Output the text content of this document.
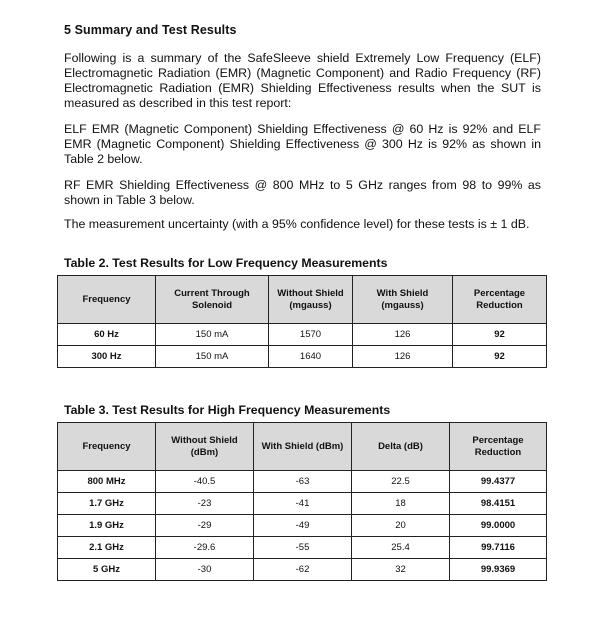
5 Summary and Test Results

Following is a summary of the SafeSleeve shield Extremely Low Frequency (ELF) Electromagnetic Radiation (EMR) (Magnetic Component) and Radio Frequency (RF) Electromagnetic Radiation (EMR) Shielding Effectiveness results when the SUT is measured as described in this test report:

ELF EMR (Magnetic Component) Shielding Effectiveness @ 60 Hz is 92% and ELF EMR (Magnetic Component) Shielding Effectiveness @ 300 Hz is 92% as shown in Table 2 below.

RF EMR Shielding Effectiveness @ 800 MHz to 5 GHz ranges from 98 to 99% as shown in Table 3 below.

The measurement uncertainty (with a 95% confidence level) for these tests is ± 1 dB.

Table 2. Test Results for Low Frequency Measurements
Frequency	Current Through Solenoid	Without Shield (mgauss)	With Shield (mgauss)	Percentage Reduction
60 Hz	150 mA	1570	126	92
300 Hz	150 mA	1640	126	92
Table 3. Test Results for High Frequency Measurements
Frequency	Without Shield (dBm)	With Shield (dBm)	Delta (dB)	Percentage Reduction
800 MHz	-40.5	-63	22.5	99.4377
1.7 GHz	-23	-41	18	98.4151
1.9 GHz	-29	-49	20	99.0000
2.1 GHz	-29.6	-55	25.4	99.7116
5 GHz	-30	-62	32	99.9369
